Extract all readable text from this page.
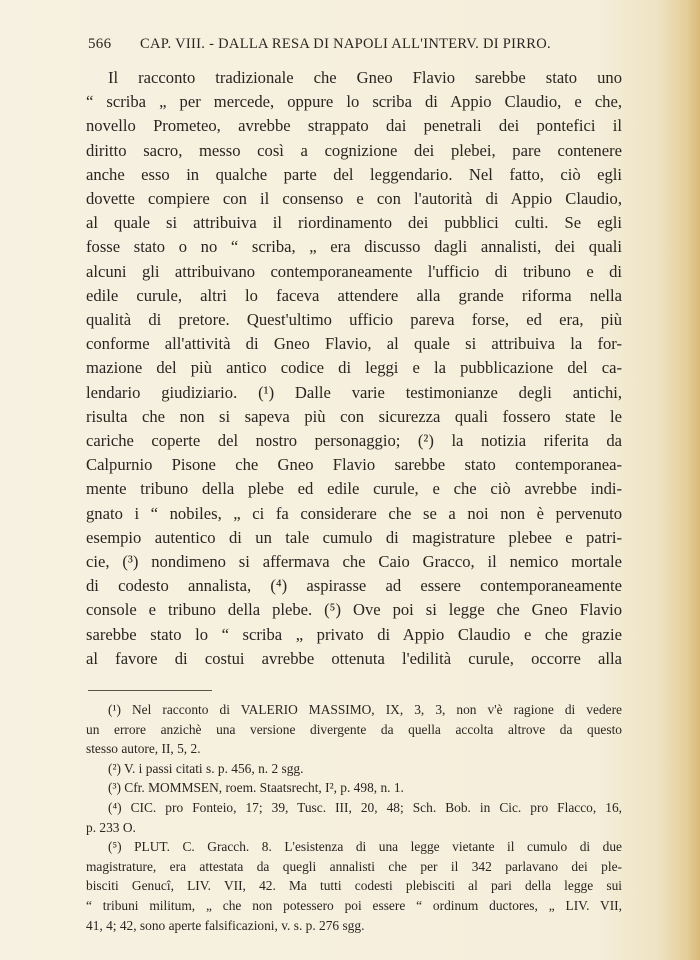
566	CAP. VIII. - DALLA RESA DI NAPOLI ALL'INTERV. DI PIRRO.

Il racconto tradizionale che Gneo Flavio sarebbe stato uno
“ scriba „ per mercede, oppure lo scriba di Appio Claudio, e che,
novello Prometeo, avrebbe strappato dai penetrali dei pontefici il
diritto sacro, messo così a cognizione dei plebei, pare contenere
anche esso in qualche parte del leggendario. Nel fatto, ciò egli
dovette compiere con il consenso e con l'autorità di Appio Claudio,
al quale si attribuiva il riordinamento dei pubblici culti. Se egli
fosse stato o no “ scriba, „ era discusso dagli annalisti, dei quali
alcuni gli attribuivano contemporaneamente l'ufficio di tribuno e di
edile curule, altri lo faceva attendere alla grande riforma nella
qualità di pretore. Quest'ultimo ufficio pareva forse, ed era, più
conforme all'attività di Gneo Flavio, al quale si attribuiva la for-
mazione del più antico codice di leggi e la pubblicazione del ca-
lendario giudiziario. (¹) Dalle varie testimonianze degli antichi,
risulta che non si sapeva più con sicurezza quali fossero state le
cariche coperte del nostro personaggio; (²) la notizia riferita da
Calpurnio Pisone che Gneo Flavio sarebbe stato contemporanea-
mente tribuno della plebe ed edile curule, e che ciò avrebbe indi-
gnato i “ nobiles, „ ci fa considerare che se a noi non è pervenuto
esempio autentico di un tale cumulo di magistrature plebee e patri-
cie, (³) nondimeno si affermava che Caio Gracco, il nemico mortale
di codesto annalista, (⁴) aspirasse ad essere contemporaneamente
console e tribuno della plebe. (⁵) Ove poi si legge che Gneo Flavio
sarebbe stato lo “ scriba „ privato di Appio Claudio e che grazie
al favore di costui avrebbe ottenuta l'edilità curule, occorre alla

(¹) Nel racconto di VALERIO MASSIMO, IX, 3, 3, non v'è ragione di vedere
un errore anzichè una versione divergente da quella accolta altrove da questo
stesso autore, II, 5, 2.
(²) V. i passi citati s. p. 456, n. 2 sgg.
(³) Cfr. MOMMSEN, roem. Staatsrecht, I², p. 498, n. 1.
(⁴) CIC. pro Fonteio, 17; 39, Tusc. III, 20, 48; Sch. Bob. in Cic. pro Flacco, 16,
p. 233 O.
(⁵) PLUT. C. Gracch. 8. L'esistenza di una legge vietante il cumulo di due
magistrature, era attestata da quegli annalisti che per il 342 parlavano dei ple-
bisciti Genucî, LIV. VII, 42. Ma tutti codesti plebisciti al pari della legge sui
“ tribuni militum, „ che non potessero poi essere “ ordinum ductores, „ LIV. VII,
41, 4; 42, sono aperte falsificazioni, v. s. p. 276 sgg.
